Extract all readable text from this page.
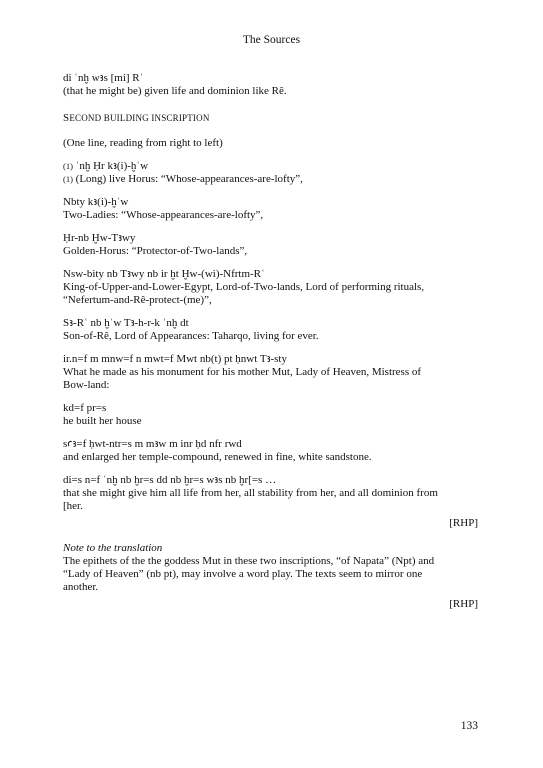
The Sources
di ʿnḫ wꜣs [mi] Rʿ
(that he might be) given life and dominion like Rê.
SECOND BUILDING INSCRIPTION
(One line, reading from right to left)
(1) ʿnḫ Ḥr kꜣ(i)-ḫʿw
(1) (Long) live Horus: “Whose-appearances-are-lofty”,
Nbty kꜣ(i)-ḫʿw
Two-Ladies: “Whose-appearances-are-lofty”,
Ḥr-nb Ḫw-Tꜣwy
Golden-Horus: “Protector-of-Two-lands”,
Nsw-bity nb Tꜣwy nb ir ḫt Ḫw-(wi)-Nfrtm-Rʿ
King-of-Upper-and-Lower-Egypt, Lord-of-Two-lands, Lord of performing rituals,
“Nefertum-and-Rê-protect-(me)”,
Sꜣ-Rʿ nb ḫʿw Tꜣ-h-r-k ʿnḫ dt
Son-of-Rê, Lord of Appearances: Taharqo, living for ever.
ir.n=f m mnw=f n mwt=f Mwt nb(t) pt ḥnwt Tꜣ-sty
What he made as his monument for his mother Mut, Lady of Heaven, Mistress of
Bow-land:
kd=f pr=s
he built her house
sꜥꜣ=f ḥwt-ntr=s m mꜣw m inr ḥd nfr rwd
and enlarged her temple-compound, renewed in fine, white sandstone.
di=s n=f ʿnḫ nb ḫr=s dd nb ḫr=s wꜣs nb ḫr[=s …
that she might give him all life from her, all stability from her, and all dominion from
[her.
[RHP]
Note to the translation
The epithets of the the goddess Mut in these two inscriptions, “of Napata” (Npt) and
“Lady of Heaven” (nb pt), may involve a word play. The texts seem to mirror one
another.
[RHP]
133
